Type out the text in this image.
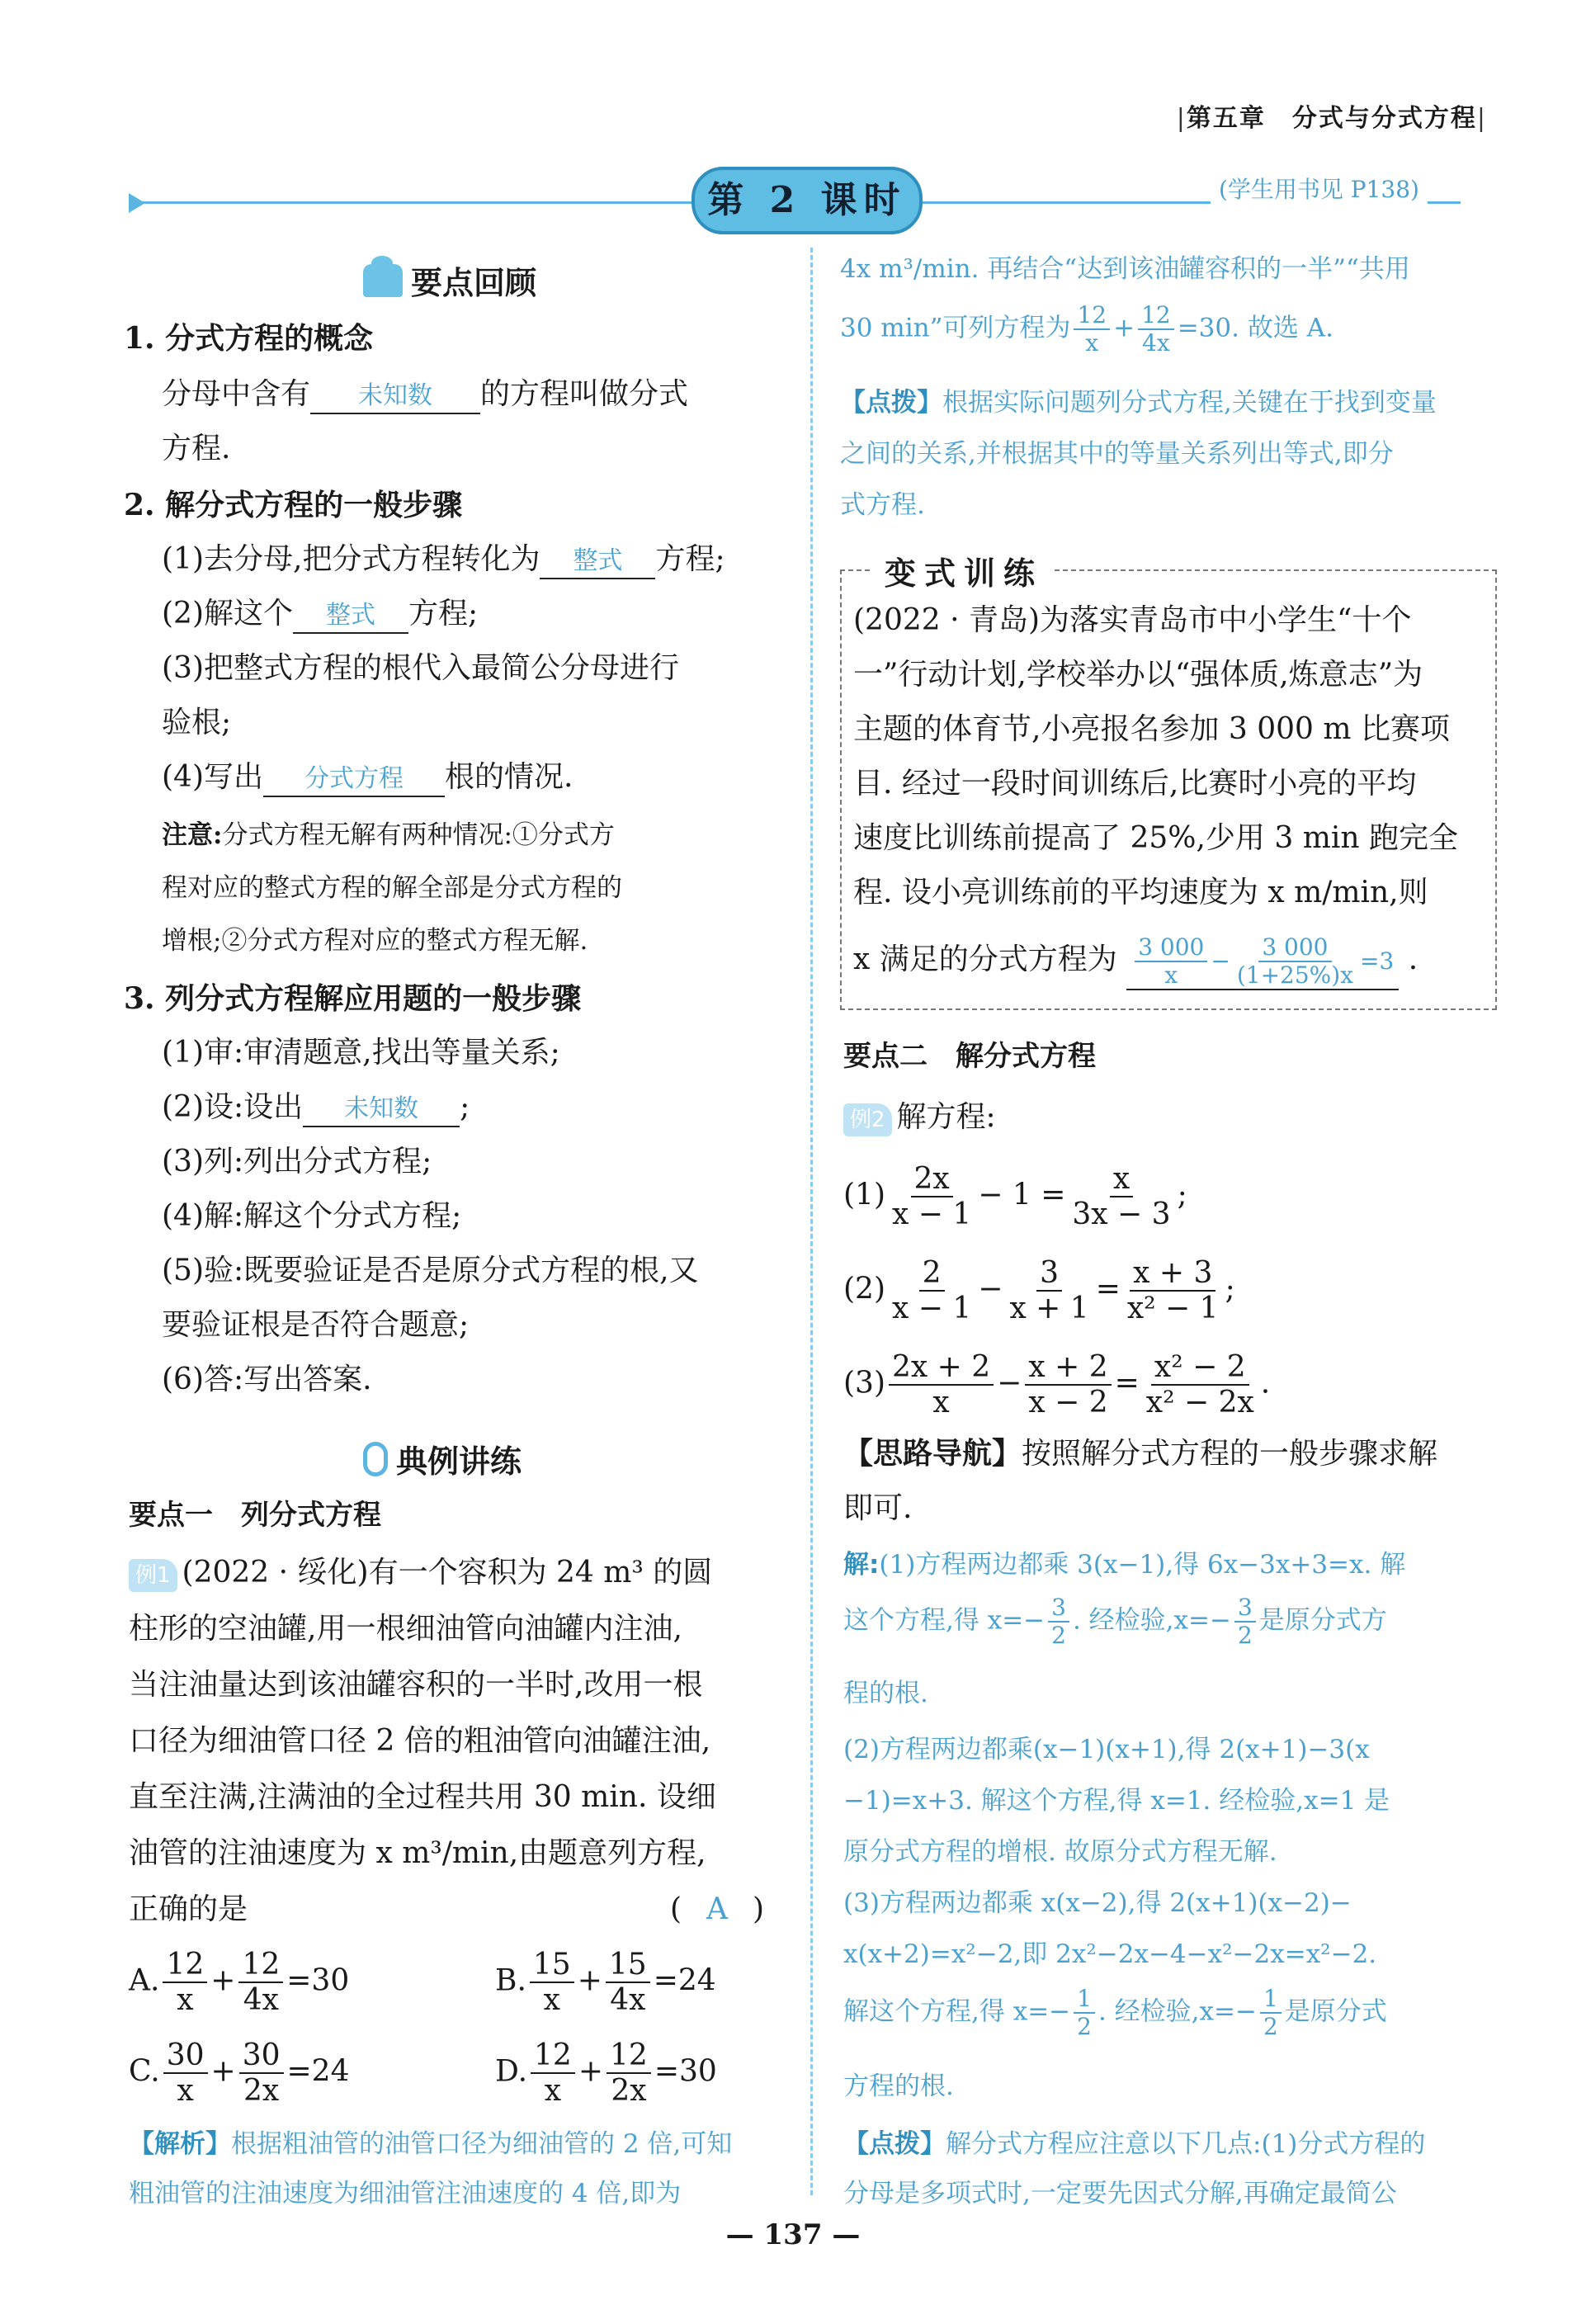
|第五章　分式与分式方程|
第 2 课时	(学生用书见 P138)
要点回顾
1. 分式方程的概念
分母中含有 未知数 的方程叫做分式
方程.
2. 解分式方程的一般步骤
(1)去分母,把分式方程转化为 整式 方程;
(2)解这个 整式 方程;
(3)把整式方程的根代入最简公分母进行
验根;
(4)写出 分式方程 根的情况.
注意:分式方程无解有两种情况:①分式方
程对应的整式方程的解全部是分式方程的
增根;②分式方程对应的整式方程无解.
3. 列分式方程解应用题的一般步骤
(1)审:审清题意,找出等量关系;
(2)设:设出 未知数 ;
(3)列:列出分式方程;
(4)解:解这个分式方程;
(5)验:既要验证是否是原分式方程的根,又
要验证根是否符合题意;
(6)答:写出答案.
典例讲练
要点一　列分式方程
例1 (2022 · 绥化)有一个容积为 24 m³ 的圆
柱形的空油罐,用一根细油管向油罐内注油,
当注油量达到该油罐容积的一半时,改用一根
口径为细油管口径 2 倍的粗油管向油罐注油,
直至注满,注满油的全过程共用 30 min. 设细
油管的注油速度为 x m³/min,由题意列方程,
正确的是	( A )
A. $\frac{12}{x} + \frac{12}{4x} =30$	B. $\frac{15}{x} + \frac{15}{4x} =24$
C. $\frac{30}{x} + \frac{30}{2x} =24$	D. $\frac{12}{x} + \frac{12}{2x} =30$
【解析】根据粗油管的油管口径为细油管的 2 倍,可知
粗油管的注油速度为细油管注油速度的 4 倍,即为
4x m³/min. 再结合“达到该油罐容积的一半”“共用
30 min”可列方程为 $\frac{12}{x} + \frac{12}{4x} =30$. 故选 A.
【点拨】根据实际问题列分式方程,关键在于找到变量
之间的关系,并根据其中的等量关系列出等式,即分
式方程.
变式训练
(2022 · 青岛)为落实青岛市中小学生“十个
一”行动计划,学校举办以“强体质,炼意志”为
主题的体育节,小亮报名参加 3 000 m 比赛项
目. 经过一段时间训练后,比赛时小亮的平均
速度比训练前提高了 25%,少用 3 min 跑完全
程. 设小亮训练前的平均速度为 x m/min,则
x 满足的分式方程为 $\frac{3 000}{x} - \frac{3 000}{(1+25\%)x} =3$ .
要点二　解分式方程
例2 解方程:
$(1) \frac{2x}{x - 1} - 1 = \frac{x}{3x - 3}$ ;
$(2) \frac{2}{x - 1} - \frac{3}{x + 1} = \frac{x + 3}{\text{x² − 1}}$ ;
$(3) \frac{2x + 2}{x} - \frac{x + 2}{x - 2} = \frac{\text{x² − 2}}{\text{x² − 2x}}$ .
【思路导航】按照解分式方程的一般步骤求解
即可.
解:(1)方程两边都乘 3(x−1),得 6x−3x+3=x. 解
这个方程,得 $x=- \frac{3}{2}$ . 经检验$,x=- \frac{3}{2}$ 是原分式方
程的根.
(2)方程两边都乘(x−1)(x+1),得 2(x+1)−3(x
−1)=x+3. 解这个方程,得 x=1. 经检验,x=1 是
原分式方程的增根. 故原分式方程无解.
(3)方程两边都乘 x(x−2),得 2(x+1)(x−2)−
x(x+2)=x²−2,即 2x²−2x−4−x²−2x=x²−2.
解这个方程,得 $x=- \frac{1}{2}$ . 经检验$,x=- \frac{1}{2}$ 是原分式
方程的根.
【点拨】解分式方程应注意以下几点:(1)分式方程的
分母是多项式时,一定要先因式分解,再确定最简公
— 137 —
